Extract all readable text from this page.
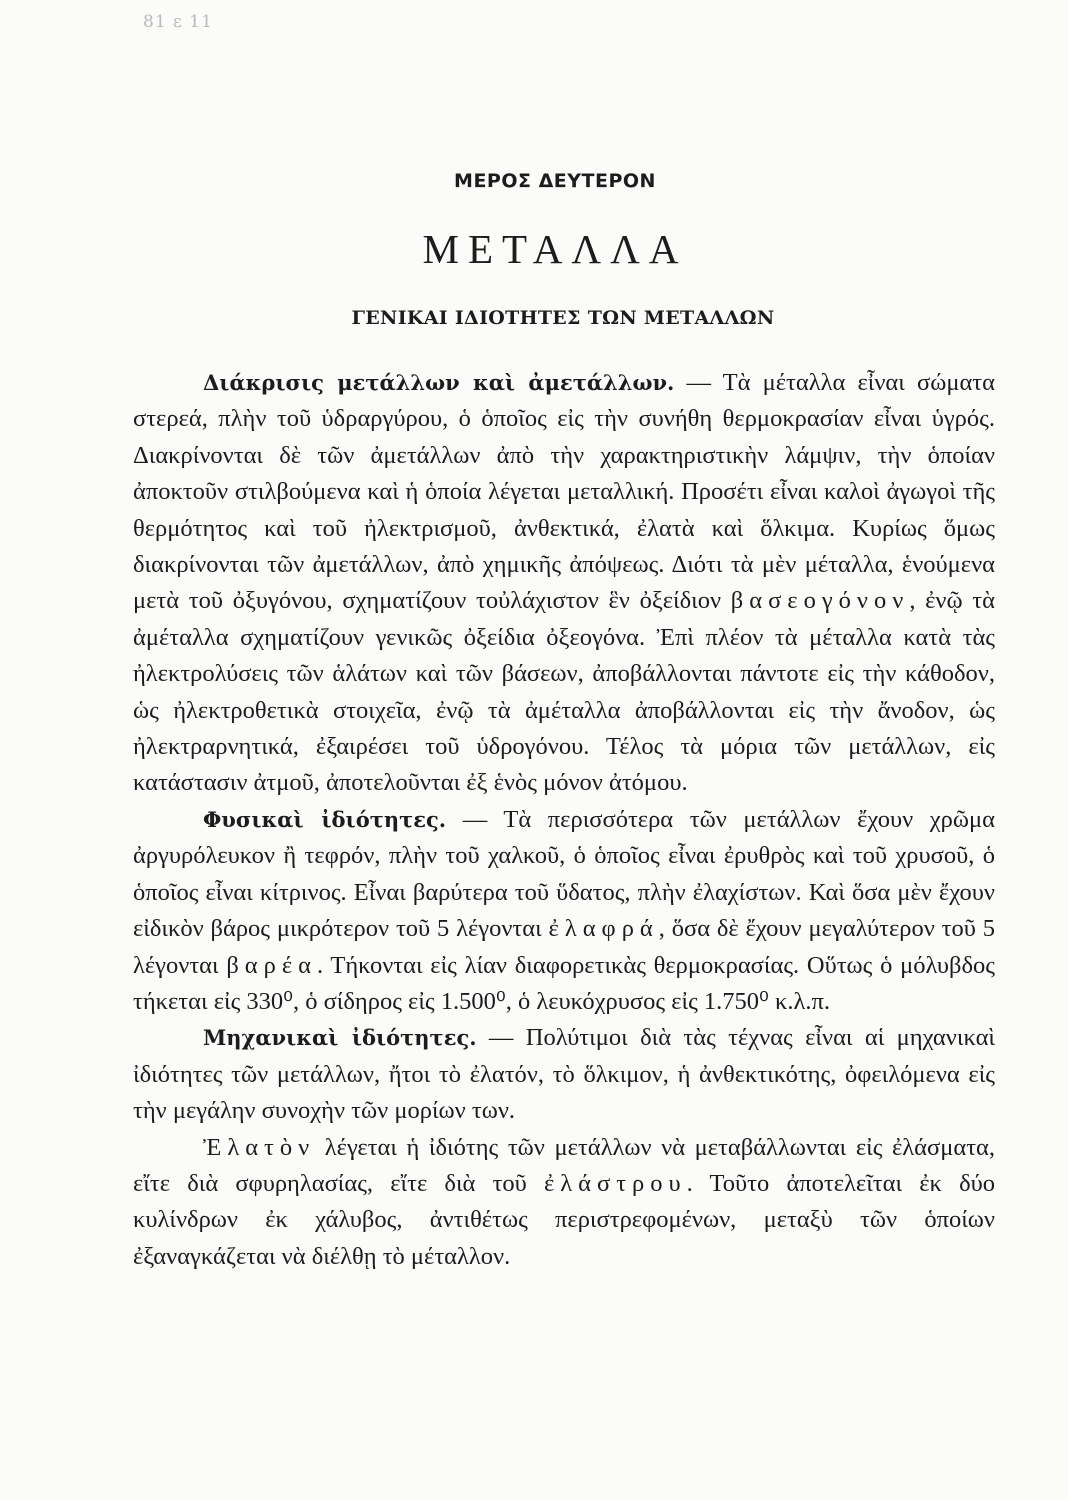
81 ε 11
ΜΕΡΟΣ ΔΕΥΤΕΡΟΝ
ΜΕΤΑΛΛΑ
ΓΕΝΙΚΑΙ ΙΔΙΟΤΗΤΕΣ ΤΩΝ ΜΕΤΑΛΛΩΝ

Διάκρισις μετάλλων καὶ ἀμετάλλων. — Τὰ μέταλλα εἶναι σώματα στερεά, πλὴν τοῦ ὑδραργύρου, ὁ ὁποῖος εἰς τὴν συνήθη θερμοκρασίαν εἶναι ὑγρός. Διακρίνονται δὲ τῶν ἀμετάλλων ἀπὸ τὴν χαρακτηριστικὴν λάμψιν, τὴν ὁποίαν ἀποκτοῦν στιλβούμενα καὶ ἡ ὁποία λέγεται μεταλλική. Προσέτι εἶναι καλοὶ ἀγωγοὶ τῆς θερμότητος καὶ τοῦ ἠλεκτρισμοῦ, ἀνθεκτικά, ἐλατὰ καὶ ὅλκιμα. Κυρίως ὅμως διακρίνονται τῶν ἀμετάλλων, ἀπὸ χημικῆς ἀπόψεως. Διότι τὰ μὲν μέταλλα, ἑνούμενα μετὰ τοῦ ὀξυγόνου, σχηματίζουν τοὐλάχιστον ἓν ὀξείδιον βασεογόνον, ἐνῷ τὰ ἀμέταλλα σχηματίζουν γενικῶς ὀξείδια ὀξεογόνα. Ἐπὶ πλέον τὰ μέταλλα κατὰ τὰς ἠλεκτρολύσεις τῶν ἁλάτων καὶ τῶν βάσεων, ἀποβάλλονται πάντοτε εἰς τὴν κάθοδον, ὡς ἠλεκτροθετικὰ στοιχεῖα, ἐνῷ τὰ ἀμέταλλα ἀποβάλλονται εἰς τὴν ἄνοδον, ὡς ἠλεκτραρνητικά, ἐξαιρέσει τοῦ ὑδρογόνου. Τέλος τὰ μόρια τῶν μετάλλων, εἰς κατάστασιν ἀτμοῦ, ἀποτελοῦνται ἐξ ἑνὸς μόνον ἀτόμου.

Φυσικαὶ ἰδιότητες. — Τὰ περισσότερα τῶν μετάλλων ἔχουν χρῶμα ἀργυρόλευκον ἢ τεφρόν, πλὴν τοῦ χαλκοῦ, ὁ ὁποῖος εἶναι ἐρυθρὸς καὶ τοῦ χρυσοῦ, ὁ ὁποῖος εἶναι κίτρινος. Εἶναι βαρύτερα τοῦ ὕδατος, πλὴν ἐλαχίστων. Καὶ ὅσα μὲν ἔχουν εἰδικὸν βάρος μικρότερον τοῦ 5 λέγονται ἐλαφρά, ὅσα δὲ ἔχουν μεγαλύτερον τοῦ 5 λέγονται βαρέα. Τήκονται εἰς λίαν διαφορετικὰς θερμοκρασίας. Οὕτως ὁ μόλυβδος τήκεται εἰς 330⁰, ὁ σίδηρος εἰς 1.500⁰, ὁ λευκόχρυσος εἰς 1.750⁰ κ.λ.π.

Μηχανικαὶ ἰδιότητες. — Πολύτιμοι διὰ τὰς τέχνας εἶναι αἱ μηχανικαὶ ἰδιότητες τῶν μετάλλων, ἤτοι τὸ ἐλατόν, τὸ ὅλκιμον, ἡ ἀνθεκτικότης, ὀφειλόμενα εἰς τὴν μεγάλην συνοχὴν τῶν μορίων των.

Ἐλατὸν λέγεται ἡ ἰδιότης τῶν μετάλλων νὰ μεταβάλλωνται εἰς ἐλάσματα, εἴτε διὰ σφυρηλασίας, εἴτε διὰ τοῦ ἐλάστρου. Τοῦτο ἀποτελεῖται ἐκ δύο κυλίνδρων ἐκ χάλυβος, ἀντιθέτως περιστρεφομένων, μεταξὺ τῶν ὁποίων ἐξαναγκάζεται νὰ διέλθῃ τὸ μέταλλον.
